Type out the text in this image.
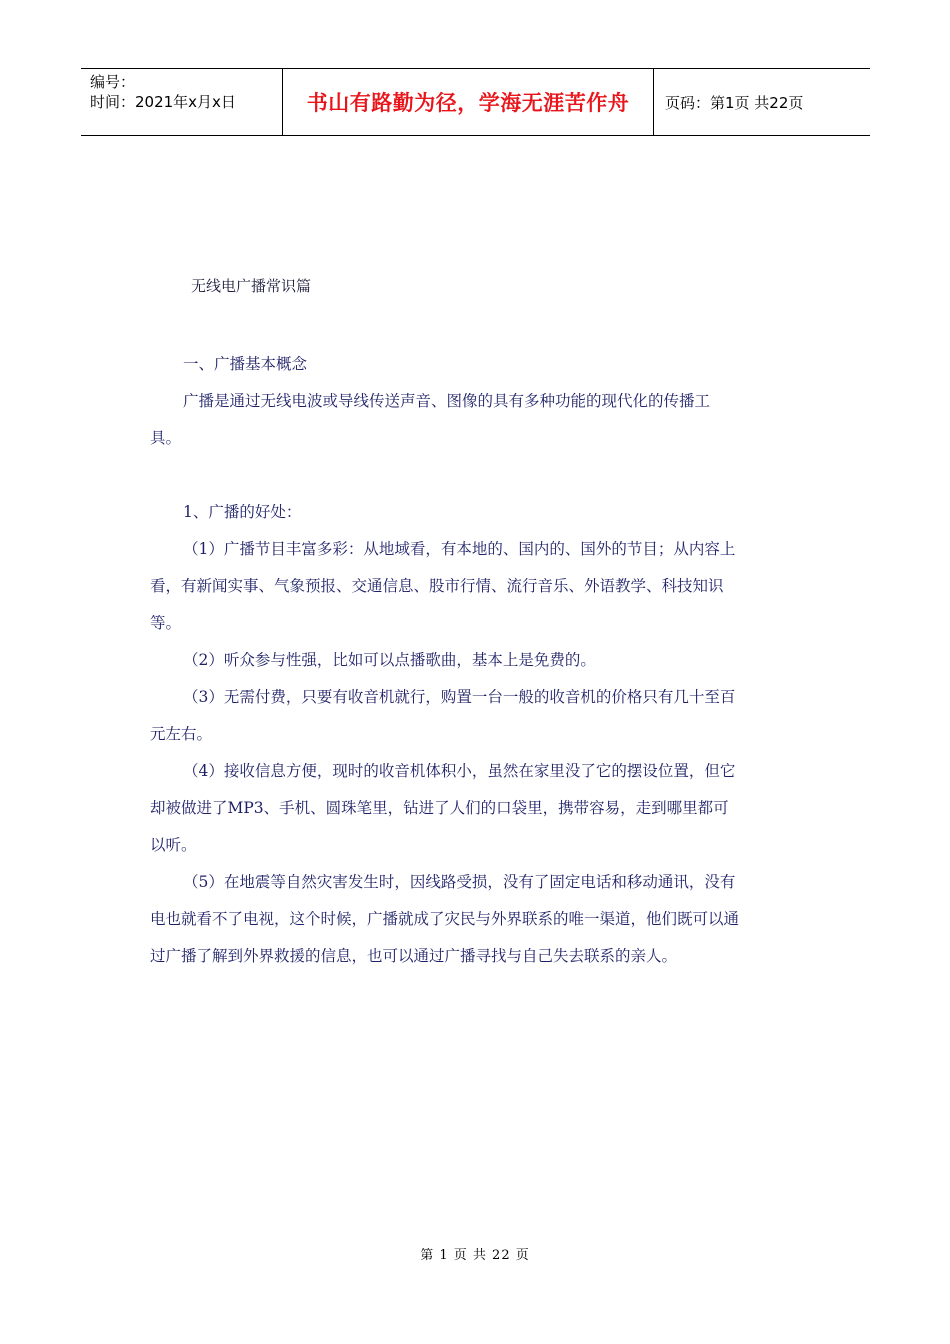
编号：
时间：2021年x月x日	书山有路勤为径，学海无涯苦作舟 页码：第1页 共22页
无线电广播常识篇

一、广播基本概念

广播是通过无线电波或导线传送声音、图像的具有多种功能的现代化的传播工具。

1、广播的好处：

（1）广播节目丰富多彩：从地域看，有本地的、国内的、国外的节目；从内容上看，有新闻实事、气象预报、交通信息、股市行情、流行音乐、外语教学、科技知识等。

（2）听众参与性强，比如可以点播歌曲，基本上是免费的。

（3）无需付费，只要有收音机就行，购置一台一般的收音机的价格只有几十至百元左右。

（4）接收信息方便，现时的收音机体积小，虽然在家里没了它的摆设位置，但它却被做进了MP3、手机、圆珠笔里，钻进了人们的口袋里，携带容易，走到哪里都可以听。

（5）在地震等自然灾害发生时，因线路受损，没有了固定电话和移动通讯，没有电也就看不了电视，这个时候，广播就成了灾民与外界联系的唯一渠道，他们既可以通过广播了解到外界救援的信息，也可以通过广播寻找与自己失去联系的亲人。

第 1 页 共 22 页
